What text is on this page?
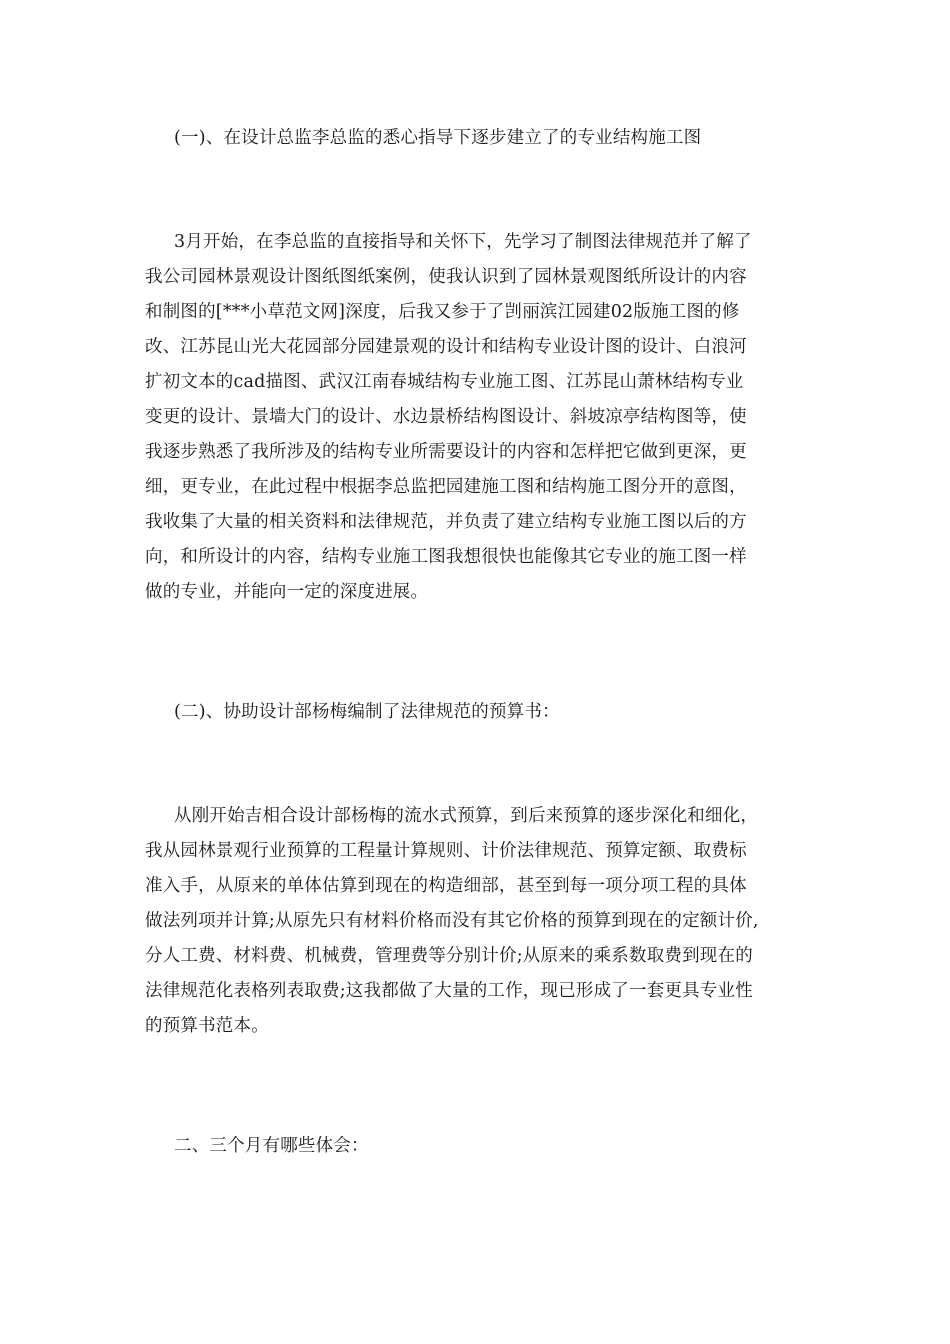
(一)、在设计总监李总监的悉心指导下逐步建立了的专业结构施工图
3月开始，在李总监的直接指导和关怀下，先学习了制图法律规范并了解了
我公司园林景观设计图纸图纸案例，使我认识到了园林景观图纸所设计的内容
和制图的[***小草范文网]深度，后我又参于了剀丽滨江园建02版施工图的修
改、江苏昆山光大花园部分园建景观的设计和结构专业设计图的设计、白浪河
扩初文本的cad描图、武汉江南春城结构专业施工图、江苏昆山萧林结构专业
变更的设计、景墙大门的设计、水边景桥结构图设计、斜坡凉亭结构图等，使
我逐步熟悉了我所涉及的结构专业所需要设计的内容和怎样把它做到更深，更
细，更专业，在此过程中根据李总监把园建施工图和结构施工图分开的意图，
我收集了大量的相关资料和法律规范，并负责了建立结构专业施工图以后的方
向，和所设计的内容，结构专业施工图我想很快也能像其它专业的施工图一样
做的专业，并能向一定的深度进展。
(二)、协助设计部杨梅编制了法律规范的预算书：
从刚开始吉相合设计部杨梅的流水式预算，到后来预算的逐步深化和细化，
我从园林景观行业预算的工程量计算规则、计价法律规范、预算定额、取费标
准入手，从原来的单体估算到现在的构造细部，甚至到每一项分项工程的具体
做法列项并计算;从原先只有材料价格而没有其它价格的预算到现在的定额计价,
分人工费、材料费、机械费，管理费等分别计价;从原来的乘系数取费到现在的
法律规范化表格列表取费;这我都做了大量的工作，现已形成了一套更具专业性
的预算书范本。
二、三个月有哪些体会：
